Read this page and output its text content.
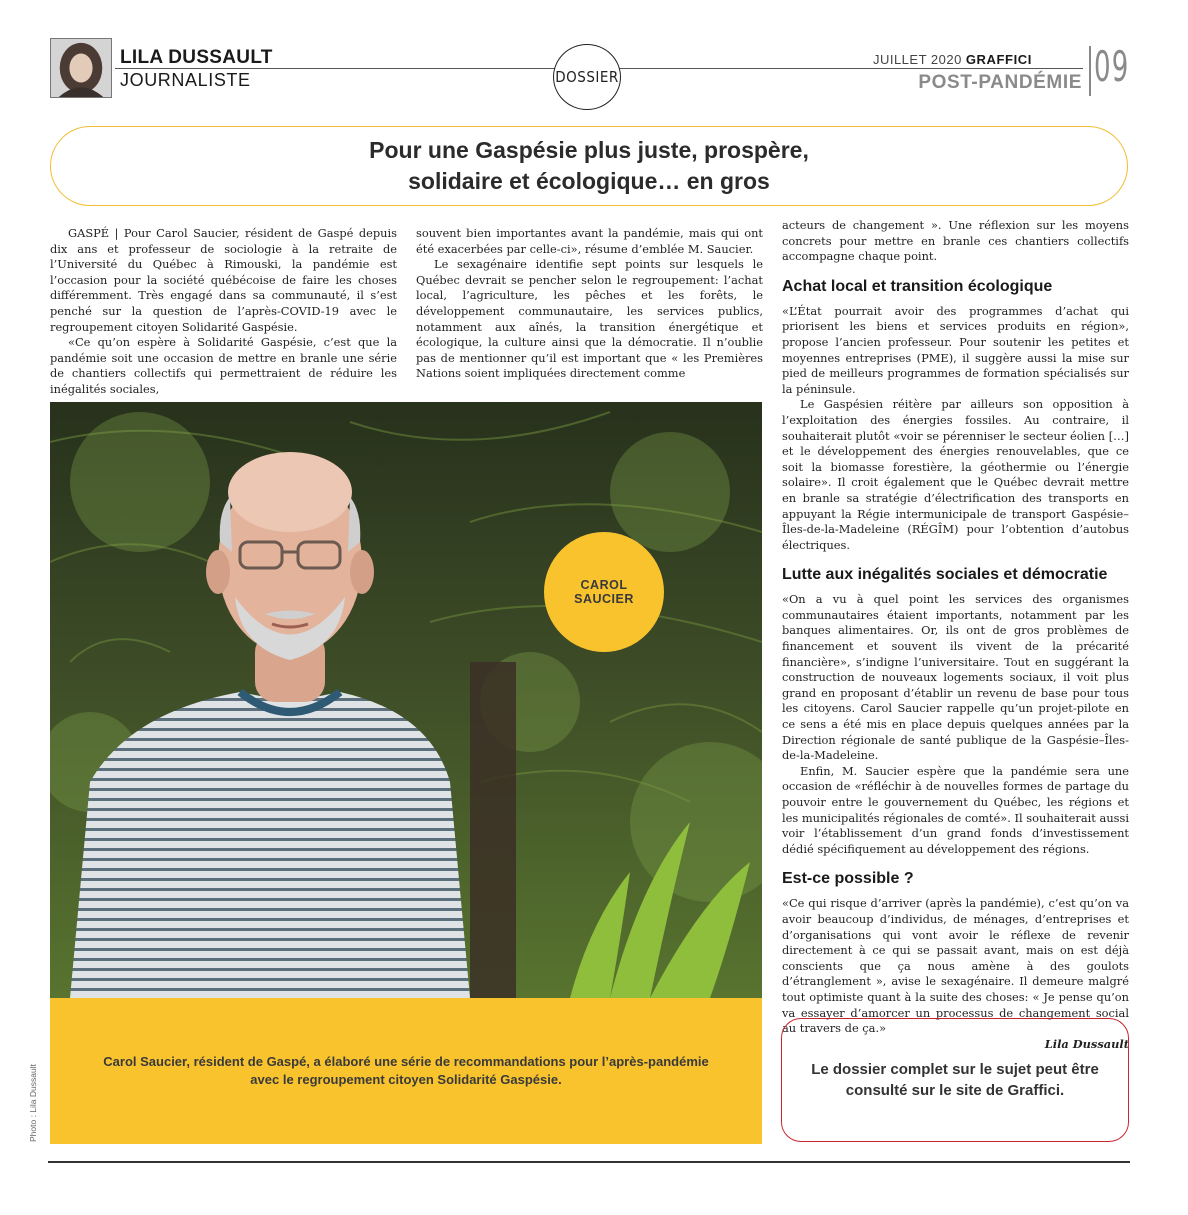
LILA DUSSAULT
JOURNALISTE	DOSSIER
JUILLET 2020 GRAFFICI
POST-PANDÉMIE 09
Pour une Gaspésie plus juste, prospère,
solidaire et écologique… en gros

GASPÉ | Pour Carol Saucier, résident de Gaspé depuis dix ans et professeur de sociologie à la retraite de l’Université du Québec à Rimouski, la pandémie est l’occasion pour la société québécoise de faire les choses différemment. Très engagé dans sa communauté, il s’est penché sur la question de l’après-COVID-19 avec le regroupement citoyen Solidarité Gaspésie.

«Ce qu’on espère à Solidarité Gaspésie, c’est que la pandémie soit une occasion de mettre en branle une série de chantiers collectifs qui permettraient de réduire les inégalités sociales,

souvent bien importantes avant la pandémie, mais qui ont été exacerbées par celle-ci», résume d’emblée M. Saucier.

Le sexagénaire identifie sept points sur lesquels le Québec devrait se pencher selon le regroupement: l’achat local, l’agriculture, les pêches et les forêts, le développement communautaire, les services publics, notamment aux aînés, la transition énergétique et écologique, la culture ainsi que la démocratie. Il n’oublie pas de mentionner qu’il est important que « les Premières Nations soient impliquées directement comme

acteurs de changement ». Une réflexion sur les moyens concrets pour mettre en branle ces chantiers collectifs accompagne chaque point.

Achat local et transition écologique

«L’État pourrait avoir des programmes d’achat qui priorisent les biens et services produits en région», propose l’ancien professeur. Pour soutenir les petites et moyennes entreprises (PME), il suggère aussi la mise sur pied de meilleurs programmes de formation spécialisés sur la péninsule.

Le Gaspésien réitère par ailleurs son opposition à l’exploitation des énergies fossiles. Au contraire, il souhaiterait plutôt «voir se pérenniser le secteur éolien […] et le développement des énergies renouvelables, que ce soit la biomasse forestière, la géothermie ou l’énergie solaire». Il croit également que le Québec devrait mettre en branle sa stratégie d’électrification des transports en appuyant la Régie intermunicipale de transport Gaspésie– Îles-de-la-Madeleine (RÉGÎM) pour l’obtention d’autobus électriques.

Lutte aux inégalités sociales et démocratie

«On a vu à quel point les services des organismes communautaires étaient importants, notamment par les banques alimentaires. Or, ils ont de gros problèmes de financement et souvent ils vivent de la précarité financière», s’indigne l’universitaire. Tout en suggérant la construction de nouveaux logements sociaux, il voit plus grand en proposant d’établir un revenu de base pour tous les citoyens. Carol Saucier rappelle qu’un projet-pilote en ce sens a été mis en place depuis quelques années par la Direction régionale de santé publique de la Gaspésie–Îles-de-la-Madeleine.

Enfin, M. Saucier espère que la pandémie sera une occasion de «réfléchir à de nouvelles formes de partage du pouvoir entre le gouvernement du Québec, les régions et les municipalités régionales de comté». Il souhaiterait aussi voir l’établissement d’un grand fonds d’investissement dédié spécifiquement au développement des régions.

Est-ce possible ?

«Ce qui risque d’arriver (après la pandémie), c’est qu’on va avoir beaucoup d’individus, de ménages, d’entreprises et d’organisations qui vont avoir le réflexe de revenir directement à ce qui se passait avant, mais on est déjà conscients que ça nous amène à des goulots d’étranglement », avise le sexagénaire. Il demeure malgré tout optimiste quant à la suite des choses: « Je pense qu’on va essayer d’amorcer un processus de changement social au travers de ça.»

Lila Dussault

CAROL
SAUCIER

Carol Saucier, résident de Gaspé, a élaboré une série de recommandations pour l’après-pandémie avec le regroupement citoyen Solidarité Gaspésie.

Photo : Lila Dussault	Le dossier complet sur le sujet peut être consulté sur le site de Graffici.
